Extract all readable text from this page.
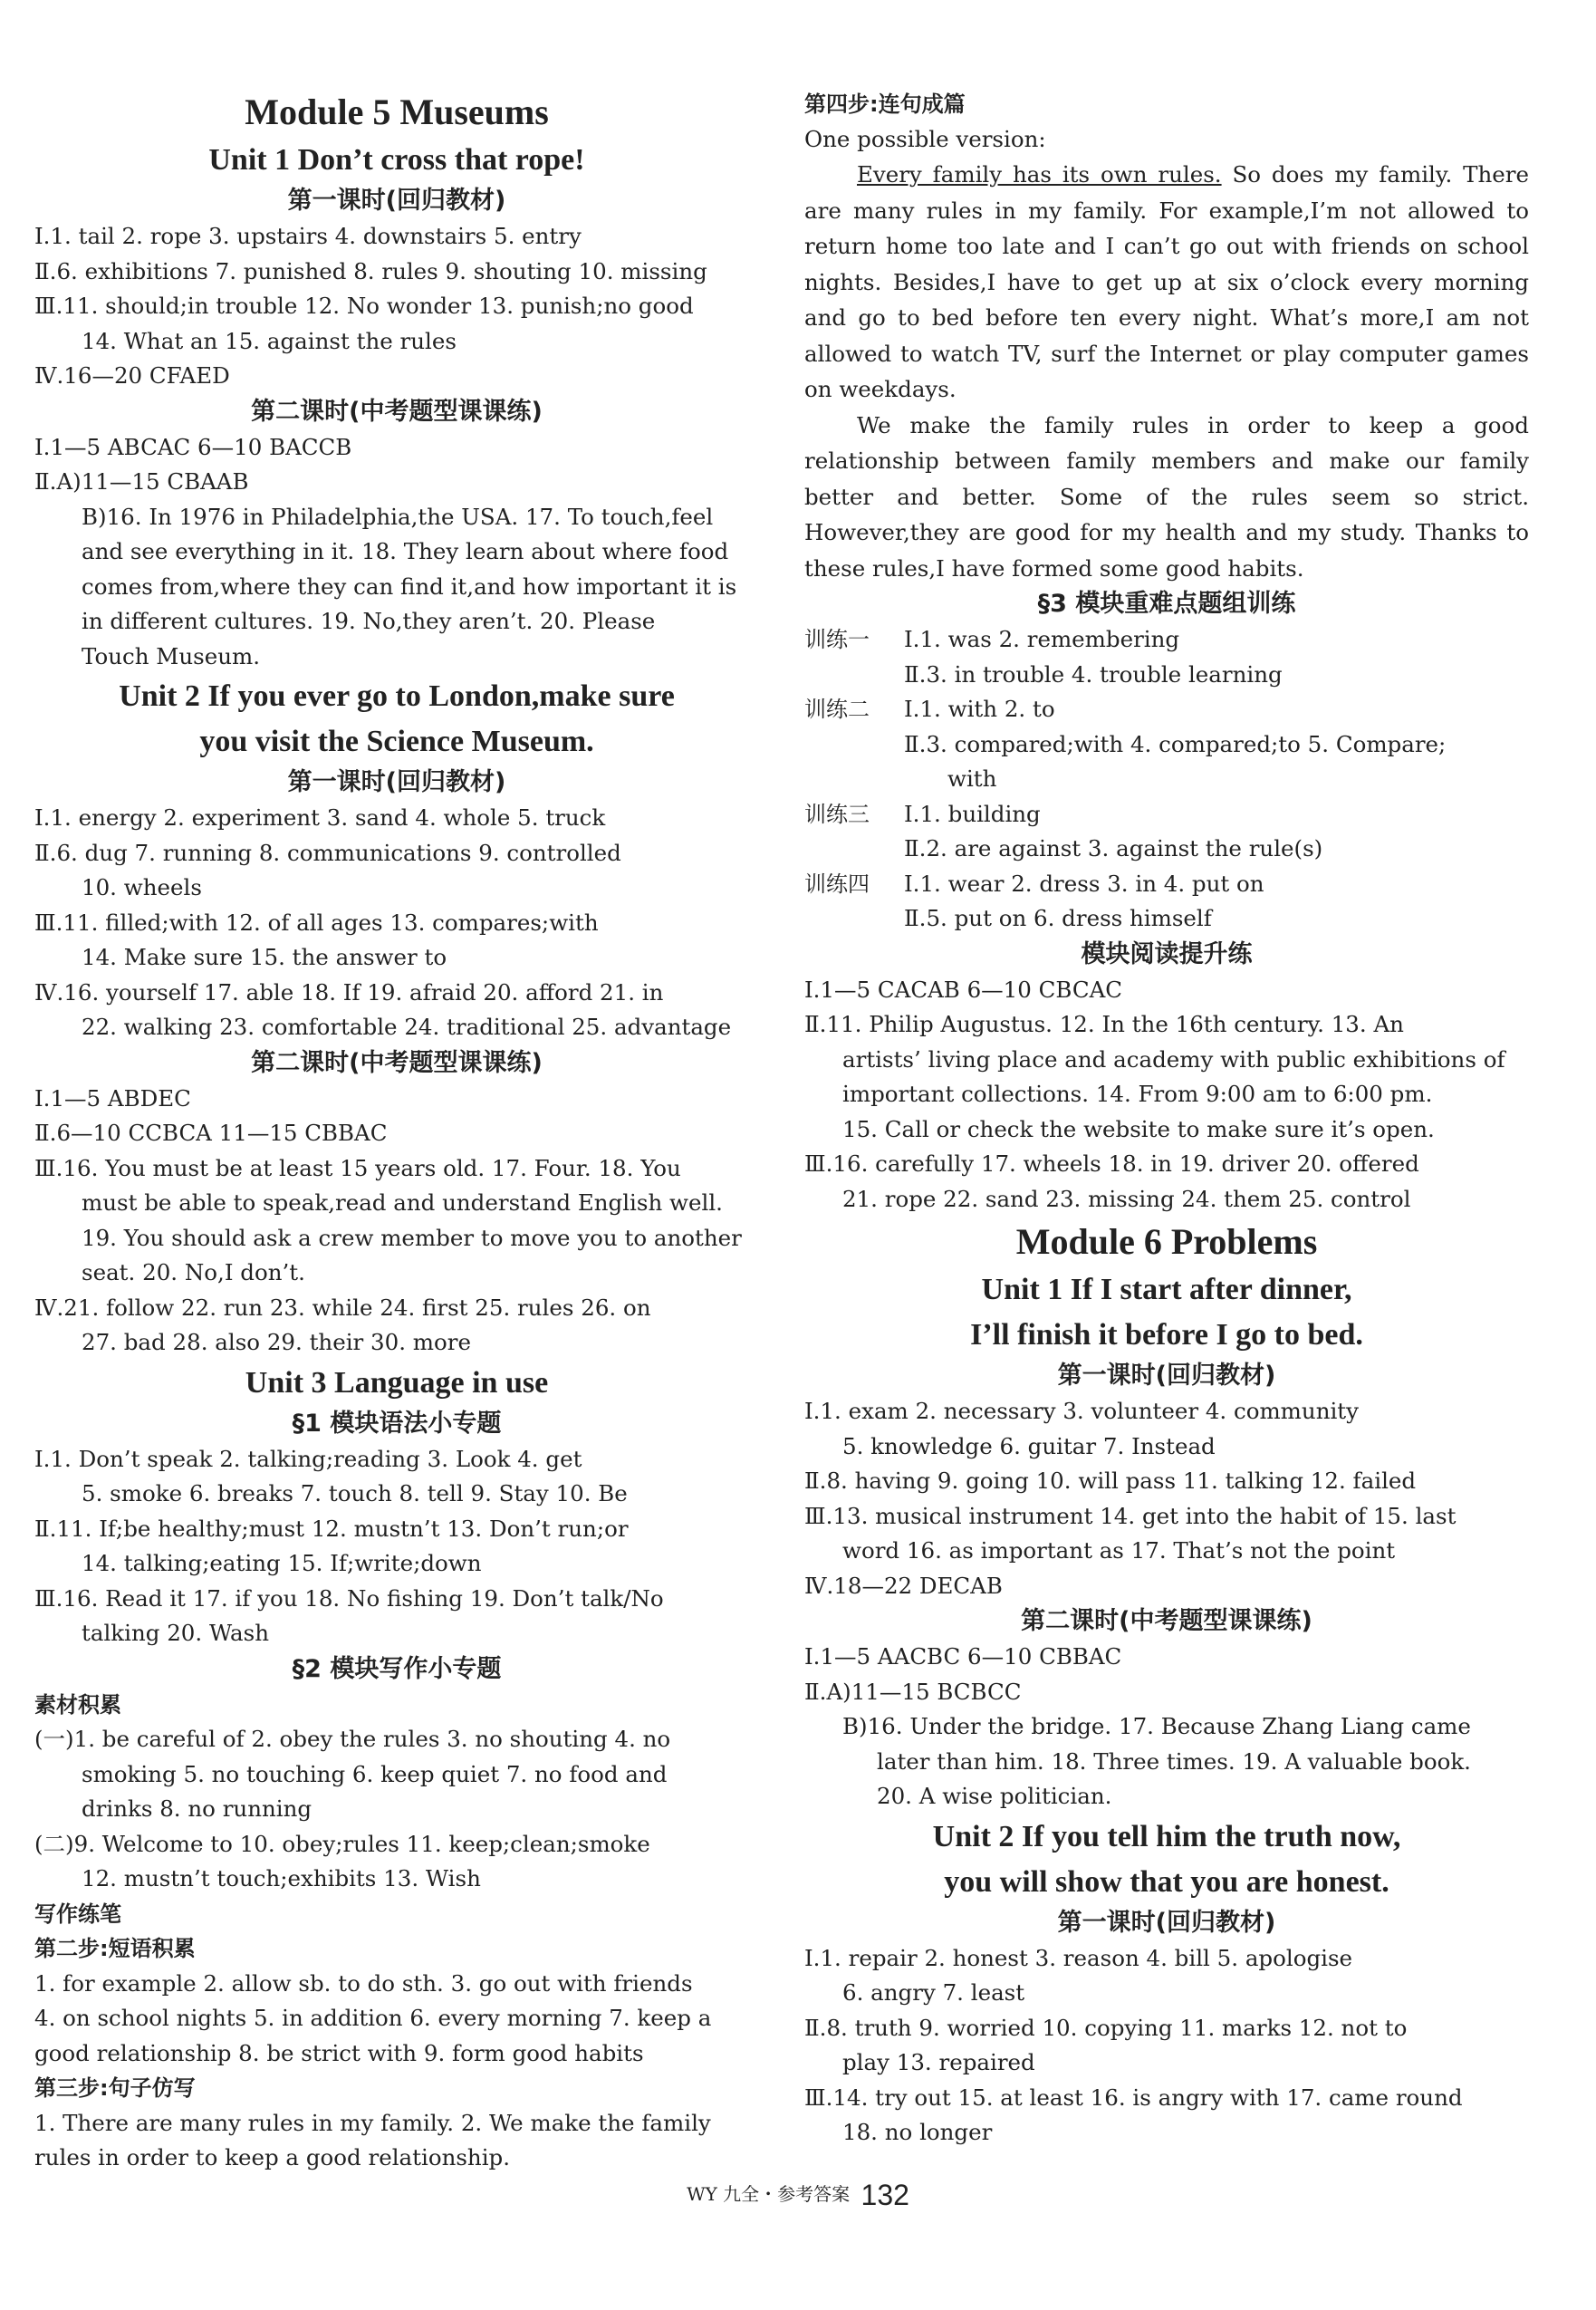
Module 5 Museums
Unit 1 Don’t cross that rope!
第一课时(回归教材)

Ⅰ.1. tail 2. rope 3. upstairs 4. downstairs 5. entry

Ⅱ.6. exhibitions 7. punished 8. rules 9. shouting 10. missing

Ⅲ.11. should;in trouble 12. No wonder 13. punish;no good

14. What an 15. against the rules

Ⅳ.16—20 CFAED

第二课时(中考题型课课练)

Ⅰ.1—5 ABCAC 6—10 BACCB

Ⅱ.A)11—15 CBAAB

B)16. In 1976 in Philadelphia,the USA. 17. To touch,feel

and see everything in it. 18. They learn about where food

comes from,where they can find it,and how important it is

in different cultures. 19. No,they aren’t. 20. Please

Touch Museum.

Unit 2 If you ever go to London,make sure
you visit the Science Museum.
第一课时(回归教材)

Ⅰ.1. energy 2. experiment 3. sand 4. whole 5. truck

Ⅱ.6. dug 7. running 8. communications 9. controlled

10. wheels

Ⅲ.11. filled;with 12. of all ages 13. compares;with

14. Make sure 15. the answer to

Ⅳ.16. yourself 17. able 18. If 19. afraid 20. afford 21. in

22. walking 23. comfortable 24. traditional 25. advantage

第二课时(中考题型课课练)

Ⅰ.1—5 ABDEC

Ⅱ.6—10 CCBCA 11—15 CBBAC

Ⅲ.16. You must be at least 15 years old. 17. Four. 18. You

must be able to speak,read and understand English well.

19. You should ask a crew member to move you to another

seat. 20. No,I don’t.

Ⅳ.21. follow 22. run 23. while 24. first 25. rules 26. on

27. bad 28. also 29. their 30. more

Unit 3 Language in use
§1 模块语法小专题

Ⅰ.1. Don’t speak 2. talking;reading 3. Look 4. get

5. smoke 6. breaks 7. touch 8. tell 9. Stay 10. Be

Ⅱ.11. If;be healthy;must 12. mustn’t 13. Don’t run;or

14. talking;eating 15. If;write;down

Ⅲ.16. Read it 17. if you 18. No fishing 19. Don’t talk/No

talking 20. Wash

§2 模块写作小专题

素材积累

(一)1. be careful of 2. obey the rules 3. no shouting 4. no

smoking 5. no touching 6. keep quiet 7. no food and

drinks 8. no running

(二)9. Welcome to 10. obey;rules 11. keep;clean;smoke

12. mustn’t touch;exhibits 13. Wish

写作练笔

第二步:短语积累

1. for example 2. allow sb. to do sth. 3. go out with friends

4. on school nights 5. in addition 6. every morning 7. keep a

good relationship 8. be strict with 9. form good habits

第三步:句子仿写

1. There are many rules in my family. 2. We make the family

rules in order to keep a good relationship.

第四步:连句成篇

One possible version:

Every family has its own rules. So does my family. There are many rules in my family. For example,I’m not allowed to return home too late and I can’t go out with friends on school nights. Besides,I have to get up at six o’clock every morning and go to bed before ten every night. What’s more,I am not allowed to watch TV, surf the Internet or play computer games on weekdays.

We make the family rules in order to keep a good relationship between family members and make our family better and better. Some of the rules seem so strict. However,they are good for my health and my study. Thanks to these rules,I have formed some good habits.

§3 模块重难点题组训练
训练一	Ⅰ.1. was 2. remembering

Ⅱ.3. in trouble 4. trouble learning

训练二	Ⅰ.1. with 2. to

Ⅱ.3. compared;with 4. compared;to 5. Compare;

with

训练三	Ⅰ.1. building

Ⅱ.2. are against 3. against the rule(s)

训练四	Ⅰ.1. wear 2. dress 3. in 4. put on

Ⅱ.5. put on 6. dress himself

模块阅读提升练

Ⅰ.1—5 CACAB 6—10 CBCAC

Ⅱ.11. Philip Augustus. 12. In the 16th century. 13. An

artists’ living place and academy with public exhibitions of

important collections. 14. From 9:00 am to 6:00 pm.

15. Call or check the website to make sure it’s open.

Ⅲ.16. carefully 17. wheels 18. in 19. driver 20. offered

21. rope 22. sand 23. missing 24. them 25. control

Module 6 Problems
Unit 1 If I start after dinner,
I’ll finish it before I go to bed.
第一课时(回归教材)

Ⅰ.1. exam 2. necessary 3. volunteer 4. community

5. knowledge 6. guitar 7. Instead

Ⅱ.8. having 9. going 10. will pass 11. talking 12. failed

Ⅲ.13. musical instrument 14. get into the habit of 15. last

word 16. as important as 17. That’s not the point

Ⅳ.18—22 DECAB

第二课时(中考题型课课练)

Ⅰ.1—5 AACBC 6—10 CBBAC

Ⅱ.A)11—15 BCBCC

B)16. Under the bridge. 17. Because Zhang Liang came

later than him. 18. Three times. 19. A valuable book.

20. A wise politician.

Unit 2 If you tell him the truth now,
you will show that you are honest.
第一课时(回归教材)

Ⅰ.1. repair 2. honest 3. reason 4. bill 5. apologise

6. angry 7. least

Ⅱ.8. truth 9. worried 10. copying 11. marks 12. not to

play 13. repaired

Ⅲ.14. try out 15. at least 16. is angry with 17. came round

18. no longer

WY 九全・参考答案 132
